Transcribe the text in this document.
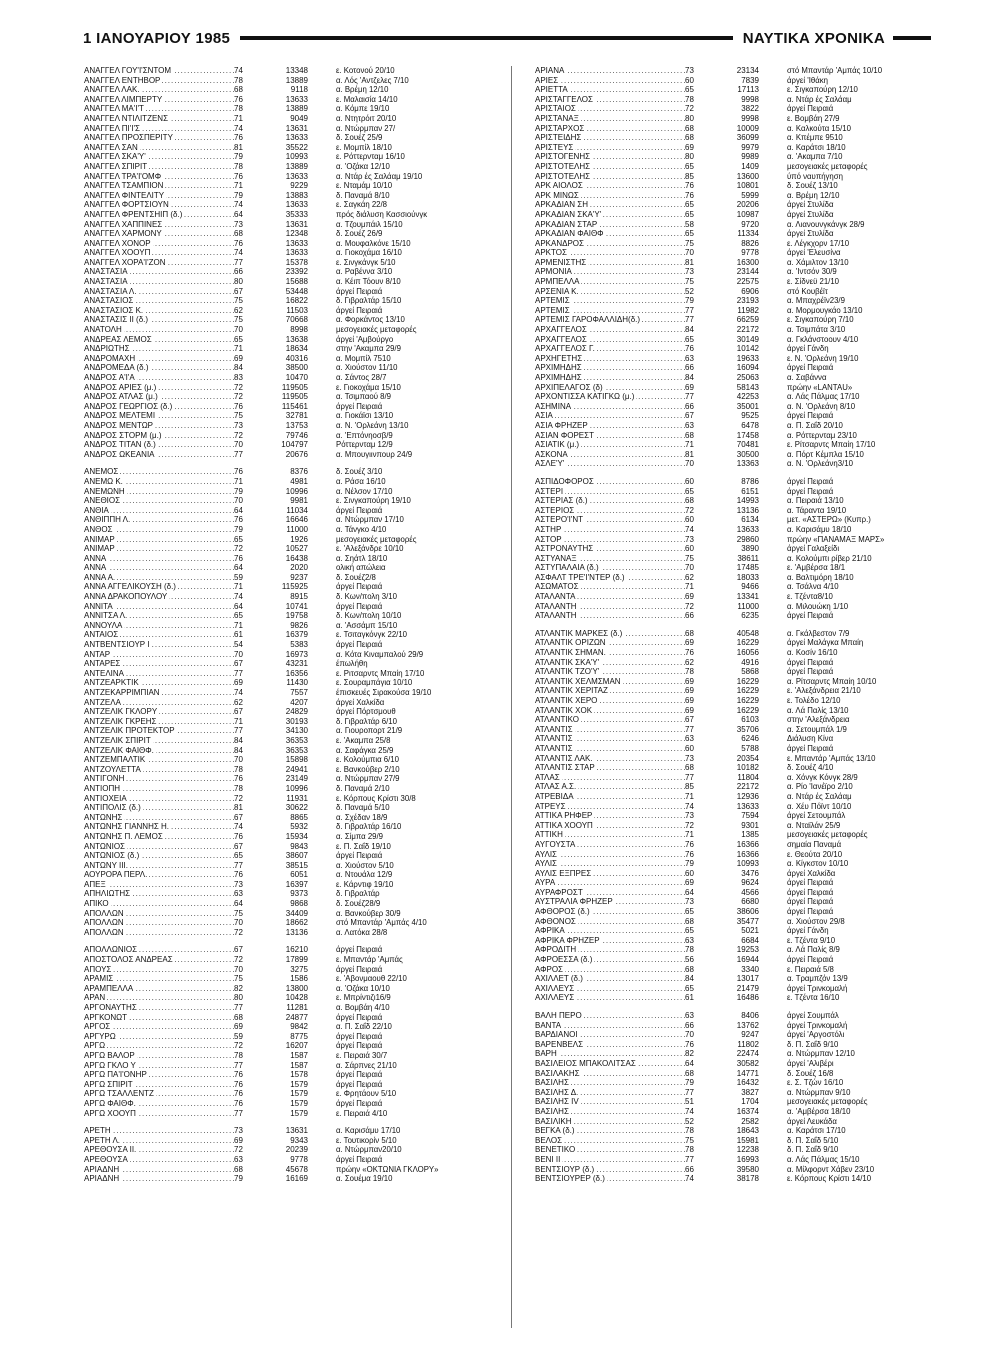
1 ΙΑΝΟΥΑΡΙΟΥ 1985	ΝΑΥΤΙΚΑ ΧΡΟΝΙΚΑ
.....
ΑΝΑΓΓΕΛ ΓΟΥ'Ι'ΣΝΤΟΜ	74	13348	ε. Κοτονού 20/10
.....
ΑΝΑΓΓΕΛ ΕΝΤΗΒΟΡ	78	13889	α. Λός 'Αντζελες 7/10
.....
ΑΝΑΓΓΕΛ ΛΑΚ.	68	9118	α. Βρέμη 12/10
.....
ΑΝΑΓΓΕΛ ΛΙΜΠΕΡΤΥ	76	13633	ε. Μαλαισία 14/10
.....
ΑΝΑΓΓΕΛ ΜΑ'Ι'Τ	78	13889	α. Κόμπε 19/10
.....
ΑΝΑΓΓΕΛ ΝΤΙΛΙΤΖΕΝΣ	71	9049	α. Ντητρόιτ 20/10
.....
ΑΝΑΓΓΕΛ ΠΙ'Ι'Σ	74	13631	α. Ντώρμπαν 27/
.....
ΑΝΑΓΓΕΛ ΠΡΟΣΠΕΡΙΤΥ	76	13633	δ. Σουέζ 25/9
.....
ΑΝΑΓΓΕΛ ΣΑΝ	81	35522	ε. Μομπίλ 18/10
.....
ΑΝΑΓΓΕΛ ΣΚΑ'Υ'	79	10993	ε. Ρόττερνταμ 16/10
.....
ΑΝΑΓΓΕΛ ΣΠΙΡΙΤ	78	13889	α. 'Οζάκα 12/10
.....
ΑΝΑΓΓΕΛ ΤΡΑ'Ι'ΟΜΦ	76	13633	α. Ντάρ ές Σαλάαμ 19/10
.....
ΑΝΑΓΓΕΛ ΤΣΑΜΠΙΟΝ	71	9229	ε. Νταμάμ 10/10
.....
ΑΝΑΓΓΕΛ ΦΙΝΤΕΛΙΤΥ	79	13883	δ. Παναμά 8/10
.....
ΑΝΑΓΓΕΛ ΦΟΡΤΣΙΟΥΝ	74	13633	ε. Σαγκάη 22/8
.....
ΑΝΑΓΓΕΛ ΦΡΕΝΤΣΗΙΠ (δ.)	64	35333	πρός διάλυση Κασσιούνγκ
.....
ΑΝΑΓΓΕΛ ΧΑΠΠΙΝΕΣ	73	13631	α. Τζουμπάιλ 15/10
.....
ΑΝΑΓΓΕΛ ΧΑΡΜΟΝΥ	68	12348	δ. Σουέζ 26/9
.....
ΑΝΑΓΓΕΛ ΧΟΝΟΡ	76	13633	α. Μουφαλκόνε 15/10
.....
ΑΝΑΓΓΕΛ ΧΟΟΥΠ	74	13633	α. Γιοκοχάμα 16/10
.....
ΑΝΑΓΓΕΛ ΧΟΡΑ'Ι'ΖΟΝ	77	15378	ε. Σινγκάνγκ 5/10
.....
ΑΝΑΣΤΑΣΙΑ	66	23392	α. Ραβέννα 3/10
.....
ΑΝΑΣΤΑΣΙΑ	80	15688	α. Κέιπ Τόουν 8/10
.....
ΑΝΑΣΤΑΣΙΑ Λ.	67	53448	άργεί Πειραιά
.....
ΑΝΑΣΤΑΣΙΟΣ	75	16822	δ. Γιβραλτάρ 15/10
.....
ΑΝΑΣΤΑΣΙΟΣ Κ.	62	11503	άργεί Πειραιά
.....
ΑΝΑΣΤΑΣΙΣ ΙΙ (δ.)	75	70668	α. Φορκάντος 13/10
.....
ΑΝΑΤΟΛΗ	70	8998	μεσογειακές μεταφορές
.....
ΑΝΔΡΕΑΣ ΛΕΜΟΣ	65	13638	άργεί 'Αμβούργο
.....
ΑΝΔΡΙΩΤΗΣ	71	18634	στην 'Ακαμπα 29/9
.....
ΑΝΔΡΟΜΑΧΗ	69	40316	α. Μομπίλ 7510
.....
ΑΝΔΡΟΜΕΔΑ (δ.)	84	38500	α. Χιούστον 11/10
.....
ΑΝΔΡΟΣ Α'Ι'Α	83	10470	α. Σάντος 28/7
.....
ΑΝΔΡΟΣ ΑΡΙΕΣ (μ.)	72	119505	ε. Γιοκοχάμα 15/10
.....
ΑΝΔΡΟΣ ΑΤΛΑΣ (μ.)	72	119505	α. Τσιμπαού 8/9
.....
ΑΝΔΡΟΣ ΓΕΩΡΓΙΟΣ (δ.)	76	115461	άργεί Πειραιά
.....
ΑΝΔΡΟΣ ΜΕΛΤΕΜΙ	75	32781	α. Γιοκάϊσι 13/10
.....
ΑΝΔΡΟΣ ΜΕΝΤΩΡ	73	13753	α. Ν. 'Ορλεάνη 13/10
.....
ΑΝΔΡΟΣ ΣΤΟΡΜ (μ.)	72	79746	α. 'Επτόνηοσβ/9
.....
ΑΝΔΡΟΣ ΤΙΤΑΝ (δ.)	70	104797	Ρόττερνταμ 12/9
.....
ΑΝΔΡΟΣ ΩΚΕΑΝΙΑ	77	20676	α. Μπουγιινπουρ 24/9
.....
ΑΝΕΜΟΣ	76	8376	δ. Σουέζ 3/10
.....
ΑΝΕΜΩ Κ.	71	4981	α. Ράσα 16/10
.....
ΑΝΕΜΩΝΗ	79	10996	α. Νέλσον 17/10
.....
ΑΝΕΘΙΟΣ	70	9981	ε. Σινγκαπούρη 19/10
.....
ΑΝΘΙΑ	64	11034	άργεί Πειραιά
.....
ΑΝΘΙΠΠΗ Λ.	76	16646	α. Ντώρμπαν 17/10
.....
ΑΝΘΟΣ	79	11000	α. Τάνγκο 4/10
.....
ΑΝΙΜΑΡ	65	1926	μεσογειακές μεταφορές
.....
ΑΝΙΜΑΡ	72	10527	ε. 'Αλεξάνδρε 10/10
.....
ΑΝΝΑ	76	16438	α. Σηάτλ 18/10
.....
ΑΝΝΑ	64	2020	ολική απώλεια
.....
ΑΝΝΑ Α.	59	9237	δ. Σουέζ2/8
.....
ΑΝΝΑ ΑΓΓΕΛΙΚΟΥΣΗ (δ.)	71	115925	άργεί Πειραιά
.....
ΑΝΝΑ ΔΡΑΚΟΠΟΥΛΟΥ	74	8915	δ. Κων/πολη 3/10
.....
ΑΝΝΙΤΑ	64	10741	άργεί Πειραιά
.....
ΑΝΝΙΤΣΑ Λ.	65	19758	δ. Κων/πολη 10/10
.....
ΑΝΝΟΥΛΑ	71	9826	α. 'Ασσάμπ 15/10
.....
ΑΝΤΑΙΟΣ	61	16379	ε. Τσιταγκόνγκ 22/10
.....
ΑΝΤΒΕΝΤΣΙΟΥΡ Ι	54	5383	άργεί Πειραιά
.....
ΑΝΤΑΡ	70	16973	α. Κότα Κιναμπαλού 29/9
.....
ΑΝΤΑΡΕΣ	67	43231	έπωλήθη
.....
ΑΝΤΕΛΙΝΑ	77	16356	ε. Ριτσαρντς Μπαίη 17/10
.....
ΑΝΤΖΕΑΡΚΤΙΚ	69	11430	ε. Σουραμπάγια 10/10
.....
ΑΝΤΖΕΚΑΡΡΙΜΠΙΑΝ	74	7557	έπισκευές Σιρακούσα 19/10
.....
ΑΝΤΖΕΛΑ	62	4207	άργεί Χαλκίδα
.....
ΑΝΤΖΕΛΙΚ ΓΚΛΟΡΥ	67	24829	άργεί Πόρτσμουθ
.....
ΑΝΤΖΕΛΙΚ ΓΚΡΕΗΣ	71	30193	δ. Γιβραλτάρ 6/10
.....
ΑΝΤΖΕΛΙΚ ΠΡΟΤΕΚΤΟΡ	77	34130	α. Γιουροπορτ 21/9
.....
ΑΝΤΖΕΛΙΚ ΣΠΙΡΙΤ	84	36353	ε. 'Ακαμπα 25/8
.....
ΑΝΤΖΕΛΙΚ ΦΑΙΘΦ.	84	36353	α. Σαφάγκα 25/9
.....
ΑΝΤΖΕΜΠΑΛΤΙΚ	70	15898	ε. Κολούμπια 6/10
.....
ΑΝΤΖΟΥΛΕΤΤΑ	78	24941	ε. Βανκούβερ 2/10
.....
ΑΝΤΙΓΟΝΗ	76	23149	α. Ντώρμπαν 27/9
.....
ΑΝΤΙΟΠΗ	78	10996	δ. Παναμά 2/10
.....
ΑΝΤΙΟΧΕΙΑ	72	11931	ε. Κόρπους Κρίστι 30/8
.....
ΑΝΤΙΠΟΛΙΣ (δ.)	81	30622	δ. Παναμά 5/10
.....
ΑΝΤΩΝΗΣ	67	8865	α. Σχέδαν 18/9
.....
ΑΝΤΩΝΗΣ ΓΙΑΝΝΗΣ Η.	74	5932	δ. Γιβραλτάρ 16/10
.....
ΑΝΤΩΝΗΣ Π. ΛΕΜΟΣ	76	15934	α. Σίμπα 29/9
.....
ΑΝΤΩΝΙΟΣ	67	9843	ε. Π. Σαΐδ 19/10
.....
ΑΝΤΩΝΙΟΣ (δ.)	65	38607	άργεί Πειραιά
.....
ΑΝΤΩΝΥ ΙΙΙ.	77	38515	α. Χιούστον 5/10
.....
ΑΟΥΡΟΡΑ ΠΕΡΛ.	76	6051	α. Ντουάλα 12/9
.....
ΑΠΕΞ	73	16397	ε. Κάρντιφ 19/10
.....
ΑΠΗΛΙΩΤΗΣ	63	9373	δ. Γιβραλτάρ
.....
ΑΠΙΚΟ	64	9868	δ. Σουέζ28/9
.....
ΑΠΟΛΛΩΝ	75	34409	α. Βανκούβερ 30/9
.....
ΑΠΟΛΛΩΝ	70	18662	στό Μπαντάρ 'Αμπάς 4/10
.....
ΑΠΟΛΛΩΝ	72	13136	α. Λατόκα 28/8
.....
ΑΠΟΛΛΩΝΙΟΣ	67	16210	άργεί Πειραιά
.....
ΑΠΟΣΤΟΛΟΣ ΑΝΔΡΕΑΣ	72	17899	ε. Μπαντάρ 'Αμπάς
.....
ΑΠΟΥΣ	70	3275	άργεί Πειραιά
.....
ΑΡΑΜΙΣ	75	1586	ε. 'Αβονμαουθ 22/10
.....
ΑΡΑΜΠΕΛΛΑ	82	13800	α. 'Οζάκα 10/10
.....
ΑΡΑΝ	80	10428	ε. Μπρίντιζι16/9
.....
ΑΡΓΟΝΑΥΤΗΣ	77	11281	α. Βομβάη 4/10
.....
ΑΡΓΚΟΝΩΤ	68	24877	άργεί Πειραιά
.....
ΑΡΓΟΣ	69	9842	α. Π. Σαΐδ 22/10
.....
ΑΡΓΥΡΩ	59	8775	άργεί Πειραιά
.....
ΑΡΓΩ	72	16207	άργεί Πειραιά
.....
ΑΡΓΩ ΒΑΛΟΡ	78	1587	ε. Πειραιά 30/7
.....
ΑΡΓΩ ΓΚΛΟ Υ	77	1587	α. Σάρπνες 21/10
.....
ΑΡΓΩ ΠΑ'Ι'ΟΝΗΡ	76	1578	άργεί Πειραιά
.....
ΑΡΓΩ ΣΠΙΡΙΤ	76	1579	άργεί Πειραιά
.....
ΑΡΓΩ ΤΣΑΛΛΕΝΤΖ	76	1579	ε. Φρητάουν 5/10
.....
ΑΡΓΩ ΦΑΙΘΦ.	76	1579	άργεί Πειραιά
.....
ΑΡΓΩ ΧΟΟΥΠ	77	1579	ε. Πειραιά 4/10
.....
ΑΡΕΤΗ	73	13631	α. Καρισάμυ 17/10
.....
ΑΡΕΤΗ Λ.	69	9343	ε. Τουτικορίν 5/10
.....
ΑΡΕΘΟΥΣΑ ΙΙ.	72	20239	α. Ντώρμπαν20/10
.....
ΑΡΕΘΟΥΣΑ	63	9778	άργεί Πειραιά
.....
ΑΡΙΑΔΝΗ	68	45678	πρώην «ΟΚΤΩΝΙΑ ΓΚΛΟΡΥ»
.....
ΑΡΙΑΔΝΗ	79	16169	α. Σουέμα 19/10
.....
ΑΡΙΑΝΑ	73	23134	στό Μπαντάρ 'Αμπάς 10/10
.....
ΑΡΙΕΣ	60	7839	άργεί 'Ιθάκη
.....
ΑΡΙΕΤΤΑ	65	17113	ε. Σιγκαπούρη 12/10
.....
ΑΡΙΣΤΑΓΓΕΛΟΣ	78	9998	α. Ντάρ ές Σαλάαμ
.....
ΑΡΙΣΤΑΙΟΣ	72	3822	άργεί Πειραιά
.....
ΑΡΙΣΤΑΝΑΞ	80	9998	ε. Βομβάη 27/9
.....
ΑΡΙΣΤΑΡΧΟΣ	68	10009	α. Καλκούτα 15/10
.....
ΑΡΙΣΤΕΙΔΗΣ	68	36099	α. Κπέμπε 9510
.....
ΑΡΙΣΤΕΥΣ	69	9979	α. Καράτσι 18/10
.....
ΑΡΙΣΤΟΓΕΝΗΣ	80	9989	α. 'Ακαμπα 7/10
.....
ΑΡΙΣΤΟΤΕΛΗΣ	65	1409	μεσογειακές μεταφορές
.....
ΑΡΙΣΤΟΤΕΛΗΣ	85	13600	ύπό ναυπήγηση
.....
ΑΡΚ ΑΙΟΛΟΣ	76	10801	δ. Σουέζ 13/10
.....
ΑΡΚ ΜΙΝΩΣ	76	5999	α. Βρέμη 12/10
.....
ΑΡΚΑΔΙΑΝ ΣΗ	65	20206	άργεί Στυλίδα
.....
ΑΡΚΑΔΙΑΝ ΣΚΑ'Υ'	65	10987	άργεί Στυλίδα
.....
ΑΡΚΑΔΙΑΝ ΣΤΑΡ	58	9720	α. Λιανουνγκάνγκ 28/9
.....
ΑΡΚΑΔΙΑΝ ΦΑΙΘΦ	65	11334	άργεί Στυλίδα
.....
ΑΡΚΑΝΔΡΟΣ	75	8826	ε. Λέγκχορν 17/10
.....
ΑΡΚΤΟΣ	70	9778	άργεί 'Ελευσίνα
.....
ΑΡΜΕΝΙΣΤΗΣ	81	16300	α. Χάμιλτον 13/10
.....
ΑΡΜΟΝΙΑ	73	23144	α. 'Ιντσόν 30/9
.....
ΑΡΜΠΕΛΛΑ	75	22575	ε. Σίδνεϋ 21/10
.....
ΑΡΣΕΝΙΑ Κ.	52	6906	στό Κουβέϊτ
.....
ΑΡΤΕΜΙΣ	79	23193	α. Μπαχρέϊν23/9
.....
ΑΡΤΕΜΙΣ	77	11982	α. Μορμουγκάο 13/10
.....
ΑΡΤΕΜΙΣ ΓΑΡΟΦΑΛΛΙΔΗ(δ.)	77	66259	ε. Σιγκαπούρη 7/10
.....
ΑΡΧΑΓΓΕΛΟΣ	84	22172	α. Τσιμπάτα 3/10
.....
ΑΡΧΑΓΓΕΛΟΣ	65	30149	α. Γκλάνστοουν 4/10
.....
ΑΡΧΑΓΓΕΛΟΣ Γ.	76	10142	άργεί Γάνδη
.....
ΑΡΧΗΓΕΤΗΣ	63	19633	ε. Ν. 'Ορλεάνη 19/10
.....
ΑΡΧΙΜΗΔΗΣ	66	16094	άργεί Πειραιά
.....
ΑΡΧΙΜΗΔΗΣ	84	25063	α. Σαβάννα
.....
ΑΡΧΙΠΕΛΑΓΟΣ (δ)	69	58143	πρώην «LANTAU»
.....
ΑΡΧΟΝΤΙΣΣΑ ΚΑΤΙΓΚΩ (μ.)	77	42253	α. Λάς Πάλμας 17/10
.....
ΑΣΗΜΙΝΑ	66	35001	α. Ν. 'Ορλεάνη 8/10
.....
ΑΣΙΑ	67	9525	άργεί Πειραιά
.....
ΑΣΙΑ ΦΡΗΖΕΡ	63	6478	α. Π. Σαΐδ 20/10
.....
ΑΣΙΑΝ ΦΟΡΕΣΤ	68	17458	α. Ρόττερνταμ 23/10
.....
ΑΣΙΑΤΙΚ (μ.)	71	70481	ε. Ρίτσαρντς Μπαίη 17/10
.....
ΑΣΚΟΝΑ	81	30500	α. Πόρτ Κέμπλα 15/10
.....
ΑΣΛΕ'Υ'	70	13363	α. Ν. 'Ορλεάνη3/10
.....
ΑΣΠΙΔΟΦΟΡΟΣ	60	8786	άργεί Πειραιά
.....
ΑΣΤΕΡΙ	65	6151	άργεί Πειραιά
.....
ΑΣΤΕΡΙΑΣ (δ.)	68	14993	α. Πειραιά 13/10
.....
ΑΣΤΕΡΙΟΣ	72	13136	α. Τάραντα 19/10
.....
ΑΣΤΕΡΟ'Ι'ΝΤ	60	6134	μετ. «ΑΣΤΕΡΩ» (Κυπρ.)
.....
ΑΣΤΗΡ	74	13633	α. Καρισάμυ 18/10
.....
ΑΣΤΟΡ	73	29860	πρώην «ΠΑΝΑΜΑΞ ΜΑΡΣ»
.....
ΑΣΤΡΟΝΑΥΤΗΣ	60	3890	άργεί Γαλαξείδι
.....
ΑΣΤΥΑΝΑΞ	75	38611	α. Κολούμπι ρίβερ 21/10
.....
ΑΣΤΥΠΑΛΑΙΑ (δ.)	70	17485	ε. 'Αμβέρσα 18/1
.....
ΑΣΦΑΛΤ ΤΡΕ'Ι'ΝΤΕΡ (δ.)	62	18033	α. Βαλτιμόρη 18/10
.....
ΑΣΩΜΑΤΟΣ	71	9466	α. Τσάλνα 4/10
.....
ΑΤΑΛΑΝΤΑ	69	13341	ε. Τζέντα8/10
.....
ΑΤΑΛΑΝΤΗ	72	11000	α. Μιλουώκη 1/10
.....
ΑΤΑΛΑΝΤΗ	66	6235	άργεί Πειραιά
.....
ΑΤΛΑΝΤΙΚ ΜΑΡΚΕΣ (δ.)	68	40548	α. Γκάλβεστον 7/9
.....
ΑΤΛΑΝΤΙΚ ΟΡΙΖΩΝ	69	16229	άργεί Μαλάγκα Μπαίη
.....
ΑΤΛΑΝΤΙΚ ΣΗΜΑΝ.	76	16056	α. Κοσίν 16/10
.....
ΑΤΛΑΝΤΙΚ ΣΚΑ'Υ'	62	4916	άργεί Πειραιά
.....
ΑΤΛΑΝΤΙΚ ΤΖΟ'Υ'	78	5868	άργεί Πειραιά
.....
ΑΤΛΑΝΤΙΚ ΧΕΛΜΣΜΑΝ	69	16229	α. Ρίτσαρντς Μπαίη 10/10
.....
ΑΤΛΑΝΤΙΚ ΧΕΡΙΤΑΖ	69	16229	ε. 'Αλεξάνδρεια 21/10
.....
ΑΤΛΑΝΤΙΚ ΧΕΡΟ	69	16229	ε. Τολέδο 12/10
.....
ΑΤΛΑΝΤΙΚ ΧΟΚ	69	16229	α. Λά Παλίς 13/10
.....
ΑΤΛΑΝΤΙΚΟ	67	6103	στην 'Αλεξάνδρεια
.....
ΑΤΛΑΝΤΙΣ	77	35706	α. Σετουμπάλ 1/9
.....
ΑΤΛΑΝΤΙΣ	63	6246	Διάλυση Κίνα
.....
ΑΤΛΑΝΤΙΣ	60	5788	άργεί Πειραιά
.....
ΑΤΛΑΝΤΙΣ ΛΑΚ.	73	20354	ε. Μπαντάρ 'Αμπάς 13/10
.....
ΑΤΛΑΝΤΙΣ ΣΤΑΡ	68	10182	δ. Σουέζ 4/10
.....
ΑΤΛΑΣ	77	11804	α. Χόνγκ Κόνγκ 28/9
.....
ΑΤΛΑΣ Α.Σ.	85	22172	α. Ρίο 'Ιανέϊρο 2/10
.....
ΑΤΡΕΒΙΔΑ	71	12936	α. Ντάρ ές Σαλάαμ
.....
ΑΤΡΕΥΣ	74	13633	α. Χέυ Πόϊντ 10/10
.....
ΑΤΤΙΚΑ ΡΗΦΕΡ	73	7594	άργεί Σετουμπάλ
.....
ΑΤΤΙΚΑ ΧΟΟΥΠ	72	9301	α. Νταϊλάν 25/9
.....
ΑΤΤΙΚΗ	71	1385	μεσογειακές μεταφορές
.....
ΑΥΓΟΥΣΤΑ	76	16366	σημαία Παναμά
.....
ΑΥΛΙΣ	76	16366	ε. Θεούτα 20/10
.....
ΑΥΛΙΣ	79	10993	α. Κίγκστον 10/10
.....
ΑΥΛΙΣ ΕΞΠΡΕΣ	60	3476	άργεί Χαλκίδα
.....
ΑΥΡΑ	69	9624	άργεί Πειραιά
.....
ΑΥΡΑΦΡΟΣΤ	64	4566	άργεί Πειραιά
.....
ΑΥΣΤΡΑΛΙΑ ΦΡΗΖΕΡ	73	6680	άργεί Πειραιά
.....
ΑΦΘΟΡΟΣ (δ.)	65	38606	άργεί Πειραιά
.....
ΑΦΘΟΝΟΣ	68	35477	α. Χιούστον 29/8
.....
ΑΦΡΙΚΑ	65	5021	άργεί Γάνδη
.....
ΑΦΡΙΚΑ ΦΡΗΖΕΡ	63	6684	ε. Τζέντα 9/10
.....
ΑΦΡΟΔΙΤΗ	78	19253	α. Λά Παλίς 8/9
.....
ΑΦΡΟΕΣΣΑ (δ.)	56	16944	άργεί Πειραιά
.....
ΑΦΡΟΣ	68	3340	ε. Πειραιά 5/8
.....
ΑΧΙΛΛΕΤ (δ.)	84	13017	α. Τραμπζόν 13/9
.....
ΑΧΙΛΛΕΥΣ	65	21479	άργεί Τρινκομαλή
.....
ΑΧΙΛΛΕΥΣ	61	16486	ε. Τζέντα 16/10
.....
ΒΑΛΗ ΠΕΡΟ	63	8406	άργεί Σουμπάλ
.....
ΒΑΝΤΑ	66	13762	άργεί Τρινκομαλή
.....
ΒΑΡΔΙΑΝΟΙ	70	9247	άργεί 'Αργοστόλι
.....
ΒΑΡΕΝΒΕΛΣ	76	11802	δ. Π. Σαΐδ 9/10
.....
ΒΑΡΗ	82	22474	α. Ντώρμπαν 12/10
.....
ΒΑΣΙΛΕΙΟΣ ΜΠΑΚΟΛΙΤΣΑΣ	64	30582	άργεί 'Αλιβέρι
.....
ΒΑΣΙΛΑΚΗΣ	68	14771	δ. Σουέζ 16/8
.....
ΒΑΣΙΛΗΣ	79	16432	ε. Σ. Τζών 16/10
.....
ΒΑΣΙΛΗΣ Δ.	77	3827	α. Ντώρμπαν 9/10
.....
ΒΑΣΙΛΗΣ ΙV	51	1704	μεσογειακές μεταφορές
.....
ΒΑΣΙΛΗΣ	74	16374	α. 'Αμβέρσα 18/10
.....
ΒΑΣΙΛΙΚΗ	52	2582	άργεί Λευκάδα
.....
ΒΕΓΚΑ (δ.)	78	18643	α. Καράτσι 17/10
.....
ΒΕΛΟΣ	75	15981	δ. Π. Σαΐδ 5/10
.....
ΒΕΝΕΤΙΚΟ	78	12238	δ. Π. Σαΐδ 9/10
.....
ΒΕΝΙ ΙΙ	77	16993	α. Λάς Πάλμας 15/10
.....
ΒΕΝΤΣΙΟΥΡ (δ.)	66	39580	α. Μίλφορντ Χάβεν 23/10
.....
ΒΕΝΤΣΙΟΥΡΕΡ (δ.)	74	38178	ε. Κόρπους Κρίστι 14/10
